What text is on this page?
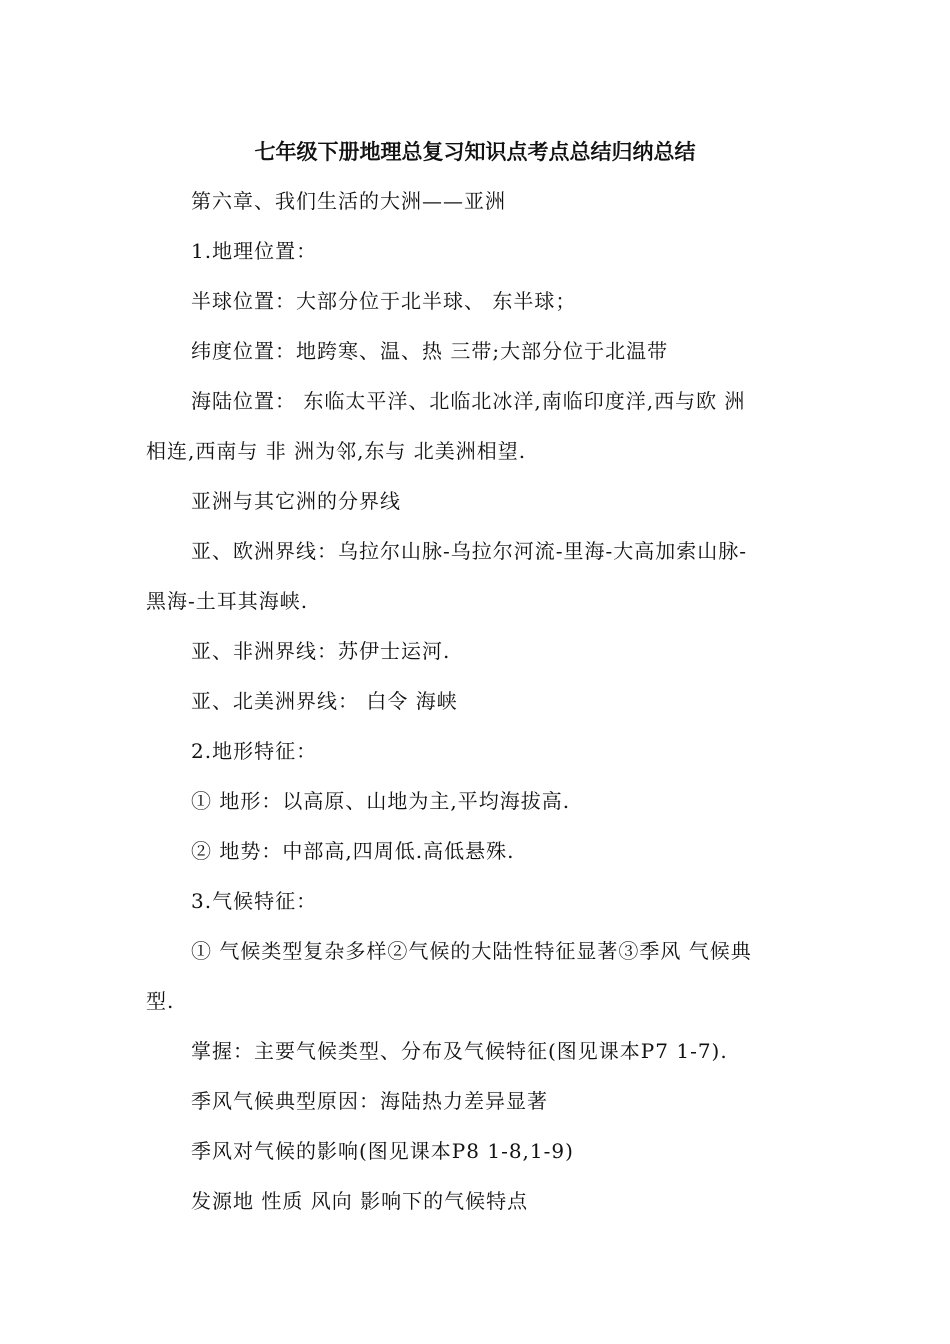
七年级下册地理总复习知识点考点总结归纳总结
第六章、我们生活的大洲——亚洲
1.地理位置：
半球位置：大部分位于北半球、 东半球；
纬度位置：地跨寒、温、热 三带;大部分位于北温带
海陆位置： 东临太平洋、北临北冰洋,南临印度洋,西与欧 洲
相连,西南与 非 洲为邻,东与 北美洲相望.
亚洲与其它洲的分界线
亚、欧洲界线：乌拉尔山脉-乌拉尔河流-里海-大高加索山脉-
黑海-土耳其海峡.
亚、非洲界线：苏伊士运河.
亚、北美洲界线： 白令 海峡
2.地形特征：
① 地形：以高原、山地为主,平均海拔高.
② 地势：中部高,四周低.高低悬殊.
3.气候特征：
① 气候类型复杂多样②气候的大陆性特征显著③季风 气候典
型.
掌握：主要气候类型、分布及气候特征(图见课本P7 1-7).
季风气候典型原因：海陆热力差异显著
季风对气候的影响(图见课本P8 1-8,1-9)
发源地 性质 风向 影响下的气候特点
